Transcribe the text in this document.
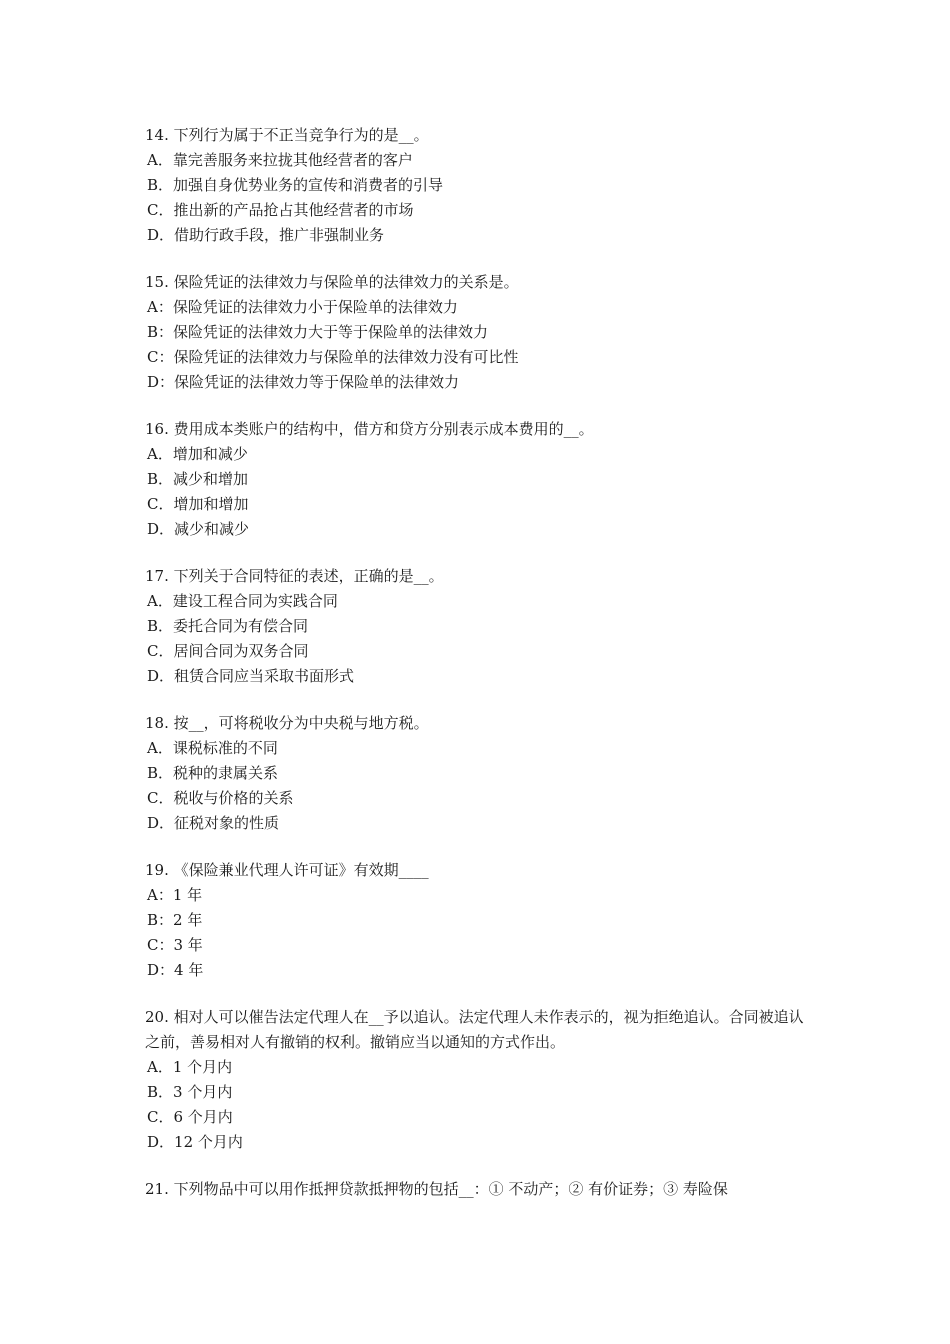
14. 下列行为属于不正当竞争行为的是__。

A．靠完善服务来拉拢其他经营者的客户

B．加强自身优势业务的宣传和消费者的引导

C．推出新的产品抢占其他经营者的市场

D．借助行政手段，推广非强制业务

15. 保险凭证的法律效力与保险单的法律效力的关系是。

A：保险凭证的法律效力小于保险单的法律效力

B：保险凭证的法律效力大于等于保险单的法律效力

C：保险凭证的法律效力与保险单的法律效力没有可比性

D：保险凭证的法律效力等于保险单的法律效力

16. 费用成本类账户的结构中，借方和贷方分别表示成本费用的__。

A．增加和减少

B．减少和增加

C．增加和增加

D．减少和减少

17. 下列关于合同特征的表述，正确的是__。

A．建设工程合同为实践合同

B．委托合同为有偿合同

C．居间合同为双务合同

D．租赁合同应当采取书面形式

18. 按__，可将税收分为中央税与地方税。

A．课税标准的不同

B．税种的隶属关系

C．税收与价格的关系

D．征税对象的性质

19. 《保险兼业代理人许可证》有效期____

A：1 年

B：2 年

C：3 年

D：4 年

20. 相对人可以催告法定代理人在__予以追认。法定代理人未作表示的，视为拒绝追认。合同被追认之前，善易相对人有撤销的权利。撤销应当以通知的方式作出。

A．1 个月内

B．3 个月内

C．6 个月内

D．12 个月内

21. 下列物品中可以用作抵押贷款抵押物的包括__：① 不动产；② 有价证券；③ 寿险保
